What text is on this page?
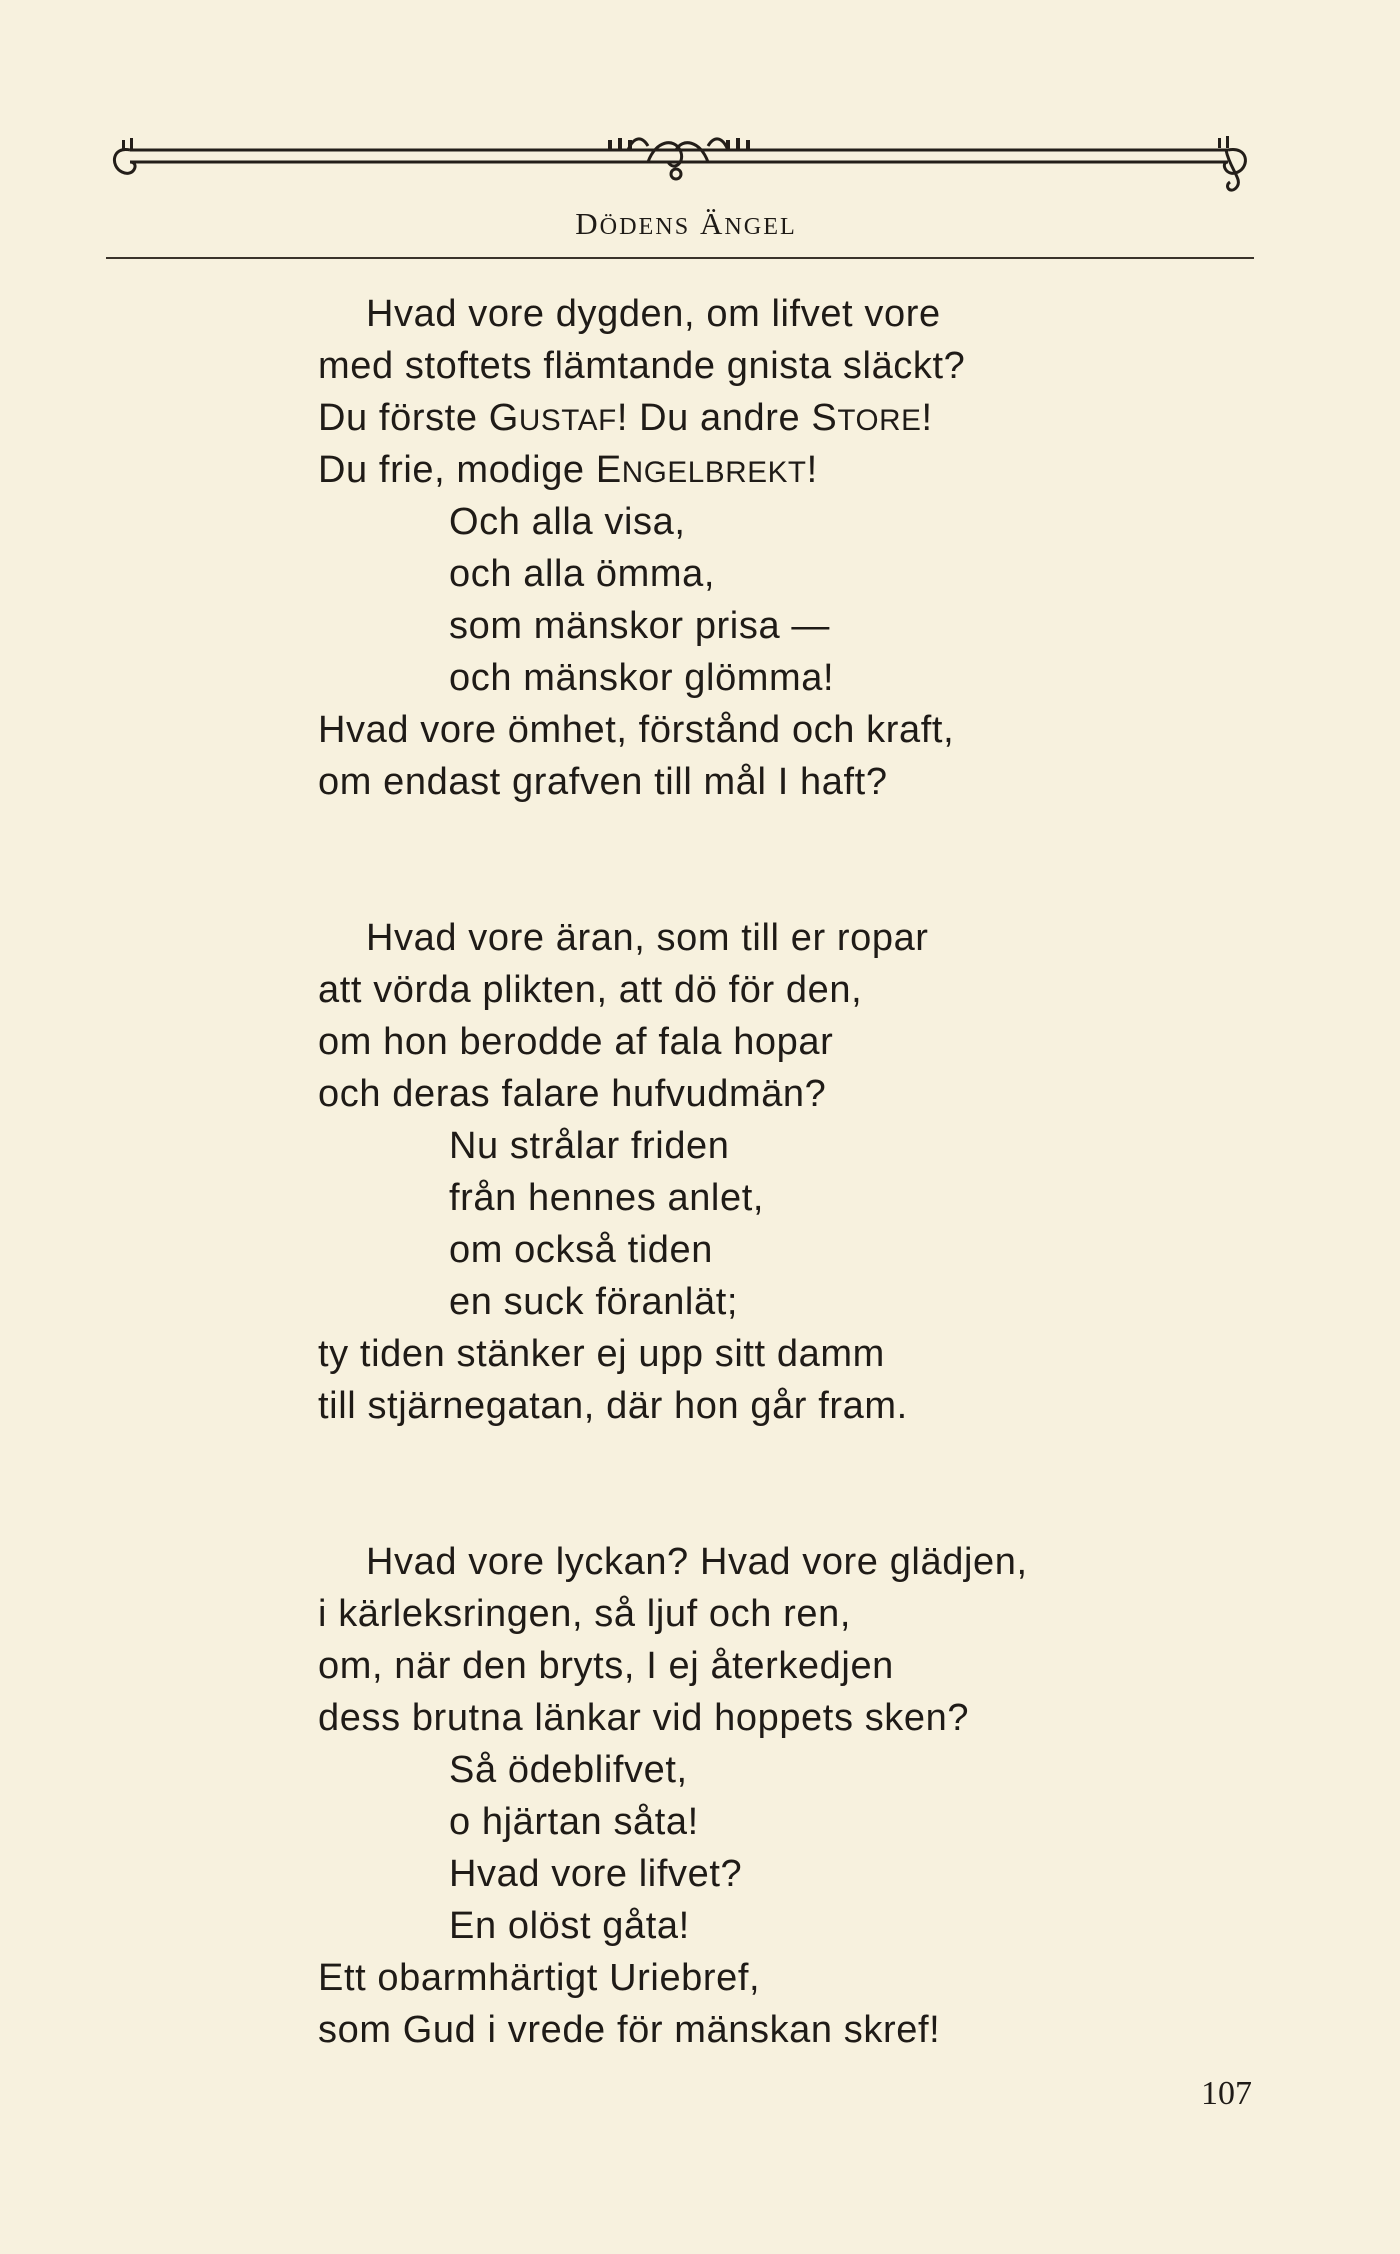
DÖDENS ÄNGEL
Hvad vore dygden, om lifvet vore
med stoftets flämtande gnista släckt?
Du förste GUSTAF! Du andre STORE!
Du frie, modige ENGELBREKT!
Och alla visa,
och alla ömma,
som mänskor prisa —
och mänskor glömma!
Hvad vore ömhet, förstånd och kraft,
om endast grafven till mål I haft?
Hvad vore äran, som till er ropar
att vörda plikten, att dö för den,
om hon berodde af fala hopar
och deras falare hufvudmän?
Nu strålar friden
från hennes anlet,
om också tiden
en suck föranlät;
ty tiden stänker ej upp sitt damm
till stjärnegatan, där hon går fram.
Hvad vore lyckan? Hvad vore glädjen,
i kärleksringen, så ljuf och ren,
om, när den bryts, I ej återkedjen
dess brutna länkar vid hoppets sken?
Så ödeblifvet,
o hjärtan såta!
Hvad vore lifvet?
En olöst gåta!
Ett obarmhärtigt Uriebref,
som Gud i vrede för mänskan skref!
107
